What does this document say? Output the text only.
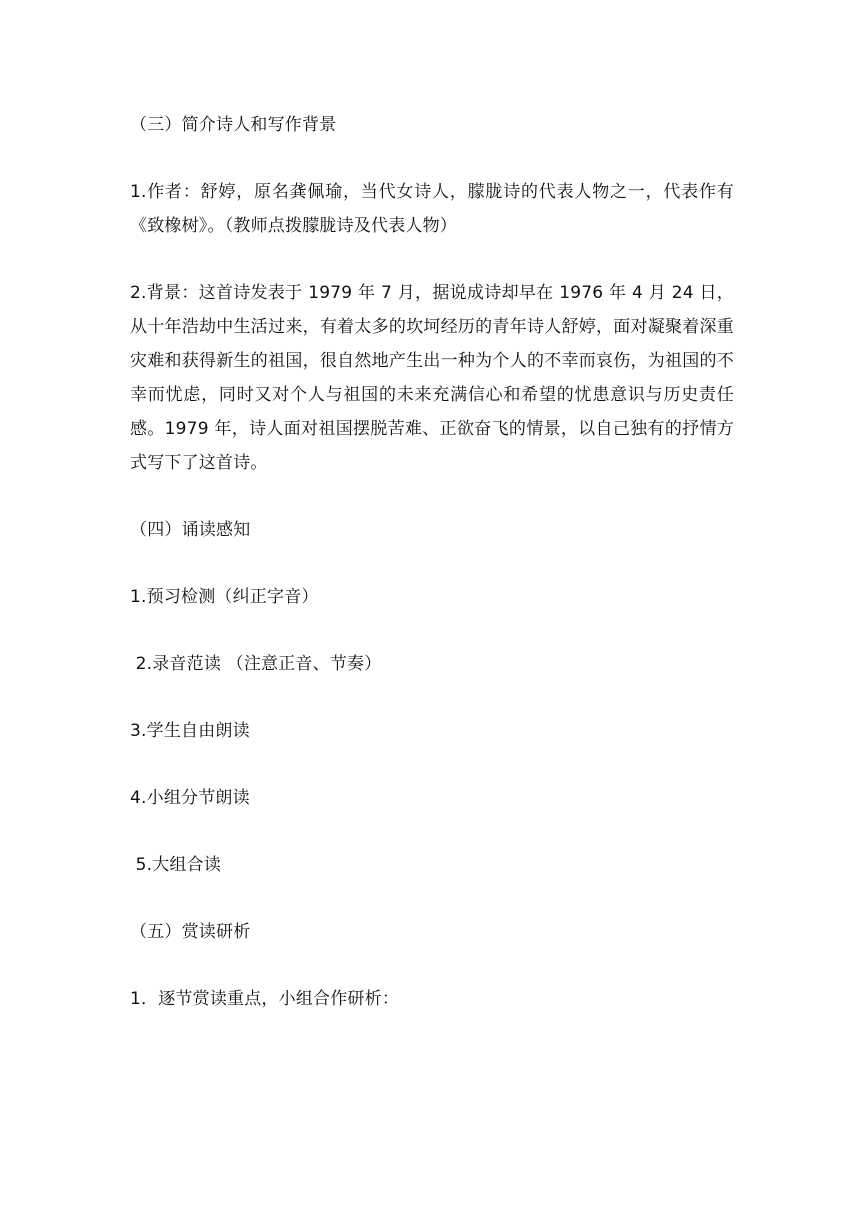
（三）简介诗人和写作背景

1.作者：舒婷，原名龚佩瑜，当代女诗人，朦胧诗的代表人物之一，代表作有《致橡树》。（教师点拨朦胧诗及代表人物）

2.背景：这首诗发表于 1979 年 7 月，据说成诗却早在 1976 年 4 月 24 日，从十年浩劫中生活过来，有着太多的坎坷经历的青年诗人舒婷，面对凝聚着深重灾难和获得新生的祖国，很自然地产生出一种为个人的不幸而哀伤，为祖国的不幸而忧虑，同时又对个人与祖国的未来充满信心和希望的忧患意识与历史责任感。1979 年，诗人面对祖国摆脱苦难、正欲奋飞的情景，以自己独有的抒情方式写下了这首诗。

（四）诵读感知

1.预习检测（纠正字音）

2.录音范读 （注意正音、节奏）

3.学生自由朗读

4.小组分节朗读

5.大组合读

（五）赏读研析

1．逐节赏读重点，小组合作研析：
